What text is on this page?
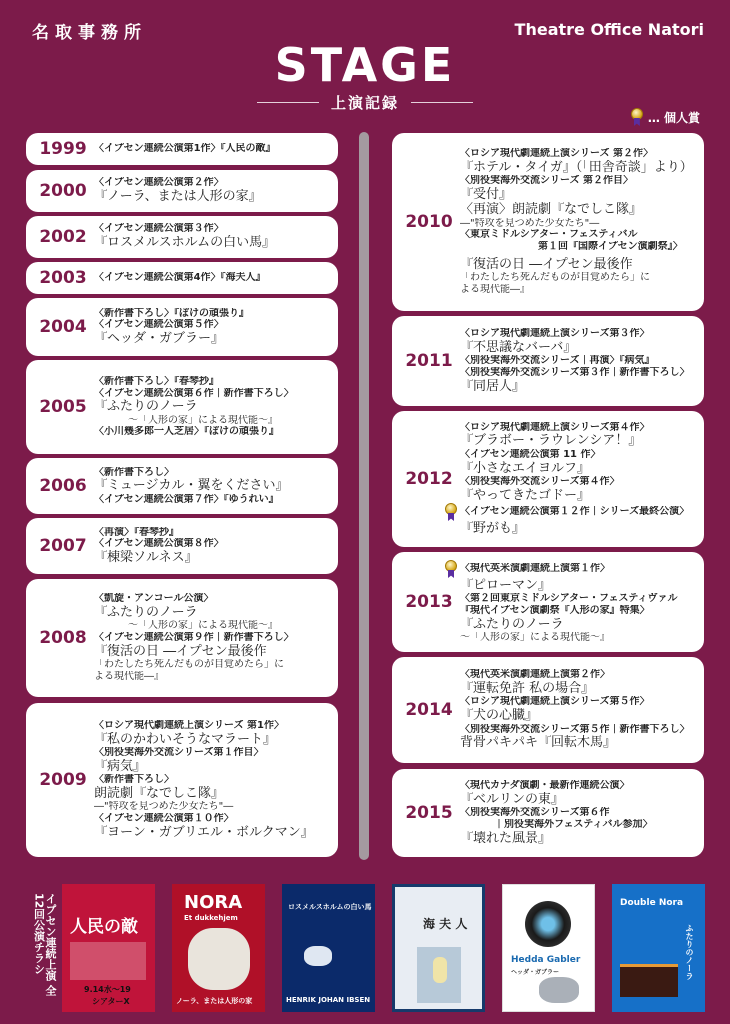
名取事務所	Theatre Office Natori
STAGE
上演記録
… 個人賞
1999 〈イプセン連続公演第1作〉『人民の敵』
2000 〈イプセン連続公演第２作〉
『ノーラ、または人形の家』
2002 〈イプセン連続公演第３作〉
『ロスメルスホルムの白い馬』
2003 〈イプセン連続公演第4作〉『海夫人』
2004
〈新作書下ろし〉『ぽけの頑張り』
〈イプセン連続公演第５作〉
『ヘッダ・ガブラー』
2005
〈新作書下ろし〉『春琴抄』
〈イプセン連続公演第６作｜新作書下ろし〉
『ふたりのノーラ
～「人形の家」による現代能～』
〈小川幾多郎一人芝居〉『ぽけの頑張り』
2006
〈新作書下ろし〉
『ミュージカル・翼をください』
〈イプセン連続公演第７作〉『ゆうれい』
2007
〈再演〉『春琴抄』
〈イプセン連続公演第８作〉
『棟梁ソルネス』
2008
〈凱旋・アンコール公演〉
『ふたりのノーラ
～「人形の家」による現代能～』
〈イプセン連続公演第９作｜新作書下ろし〉
『復活の日 ―イプセン最後作
「わたしたち死んだものが目覚めたら」に
よる現代能―』
2009
〈ロシア現代劇連続上演シリーズ 第1作〉
『私のかわいそうなマラート』
〈別役実海外交流シリーズ第１作目〉
『病気』
〈新作書下ろし〉
朗読劇『なでしこ隊』
―"特攻を見つめた少女たち"―
〈イプセン連続公演第１０作〉
『ヨーン・ガブリエル・ボルクマン』
2010
〈ロシア現代劇連続上演シリーズ 第２作〉
『ホテル・タイガ』（「田舎奇談」より）
〈別役実海外交流シリーズ 第２作目〉
『受付』
〈再演〉朗読劇『なでしこ隊』
―"特攻を見つめた少女たち"―
〈東京ミドルシアター・フェスティバル
第１回『国際イプセン演劇祭』〉
『復活の日 ―イプセン最後作
「わたしたち死んだものが目覚めたら」に
よる現代能―』
2011
〈ロシア現代劇連続上演シリーズ第３作〉
『不思議なバーバ』
〈別役実海外交流シリーズ｜再演〉『病気』
〈別役実海外交流シリーズ第３作｜新作書下ろし〉
『同居人』
2012
〈ロシア現代劇連続上演シリーズ第４作〉
『ブラボー・ラウレンシア！』
〈イプセン連続公演第 11 作〉
『小さなエイヨルフ』
〈別役実海外交流シリーズ第４作〉
『やってきたゴドー』
〈イプセン連続公演第１２作｜シリーズ最終公演〉
『野がも』
2013
〈現代英米演劇連続上演第１作〉
『ピローマン』
〈第２回東京ミドルシアター・フェスティヴァル
『現代イプセン演劇祭『人形の家』特集〉
『ふたりのノーラ
～「人形の家」による現代能～』
2014
〈現代英米演劇連続上演第２作〉
『運転免許 私の場合』
〈ロシア現代劇連続上演シリーズ第５作〉
『犬の心臓』
〈別役実海外交流シリーズ第５作｜新作書下ろし〉
背骨パキパキ『回転木馬』
2015
〈現代カナダ演劇・最新作連続公演〉
『ベルリンの東』
〈別役実海外交流シリーズ第６作
｜別役実海外フェスティバル参加〉
『壊れた風景』
イプセン連続上演 全12回公演チラシ	人民の敵
9.14水～19
シアターX
NORA
Et dukkehjem
ノーラ、または人形の家
ロスメルスホルムの白い馬
HENRIK JOHAN IBSEN
海 夫 人
Hedda Gabler
ヘッダ・ガブラー
Double Nora
ふたりのノーラ
